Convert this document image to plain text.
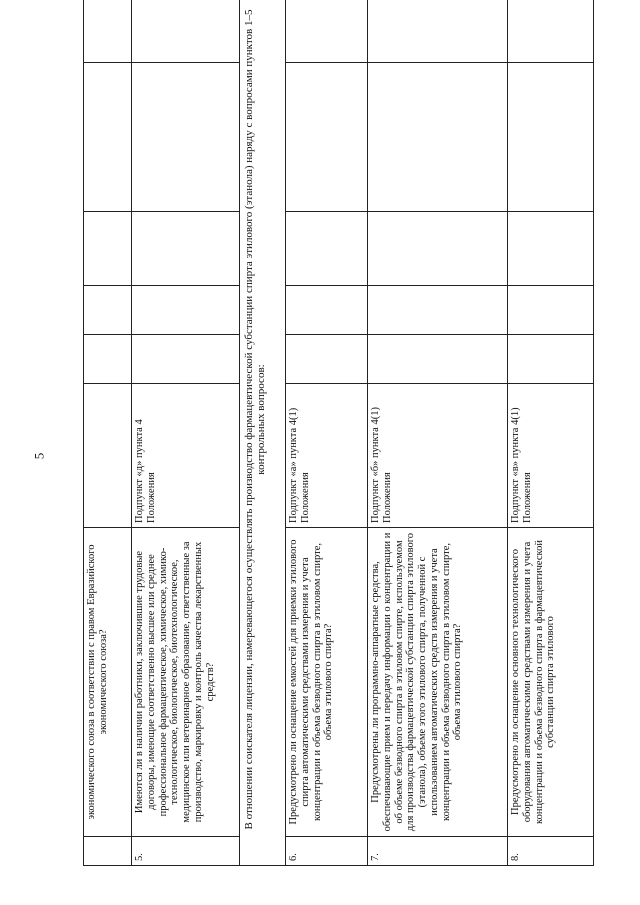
5
	экономического союза в соответствии с правом Евразийского экономического союза?						
5.	Имеются ли в наличии работники, заключившие трудовые договоры, имеющие соответственно высшее или среднее профессиональное фармацевтическое, химическое, химико-технологическое, биологическое, биотехнологическое, медицинское или ветеринарное образование, ответственные за производство, маркировку и контроль качества лекарственных средств?	Подпункт «д» пункта 4 Положения					
В отношении соискателя лицензии, намеревающегося осуществлять производство фармацевтической субстанции спирта этилового (этанола) наряду с вопросами пунктов 1–5 контрольных вопросов:							
6.	Предусмотрено ли оснащение емкостей для приемки этилового спирта автоматическими средствами измерения и учета концентрации и объема безводного спирта в этиловом спирте, объема этилового спирта?	Подпункт «а» пункта 4(1) Положения					
7.	Предусмотрены ли программно-аппаратные средства, обеспечивающие прием и передачу информации о концентрации и об объеме безводного спирта в этиловом спирте, используемом для производства фармацевтической субстанции спирта этилового (этанола), объеме этого этилового спирта, полученной с использованием автоматических средств измерения и учета концентрации и объема безводного спирта в этиловом спирте, объема этилового спирта?	Подпункт «б» пункта 4(1) Положения					
8.	Предусмотрено ли оснащение основного технологического оборудования автоматическими средствами измерения и учета концентрации и объема безводного спирта в фармацевтической субстанции спирта этилового	Подпункт «в» пункта 4(1) Положения					
